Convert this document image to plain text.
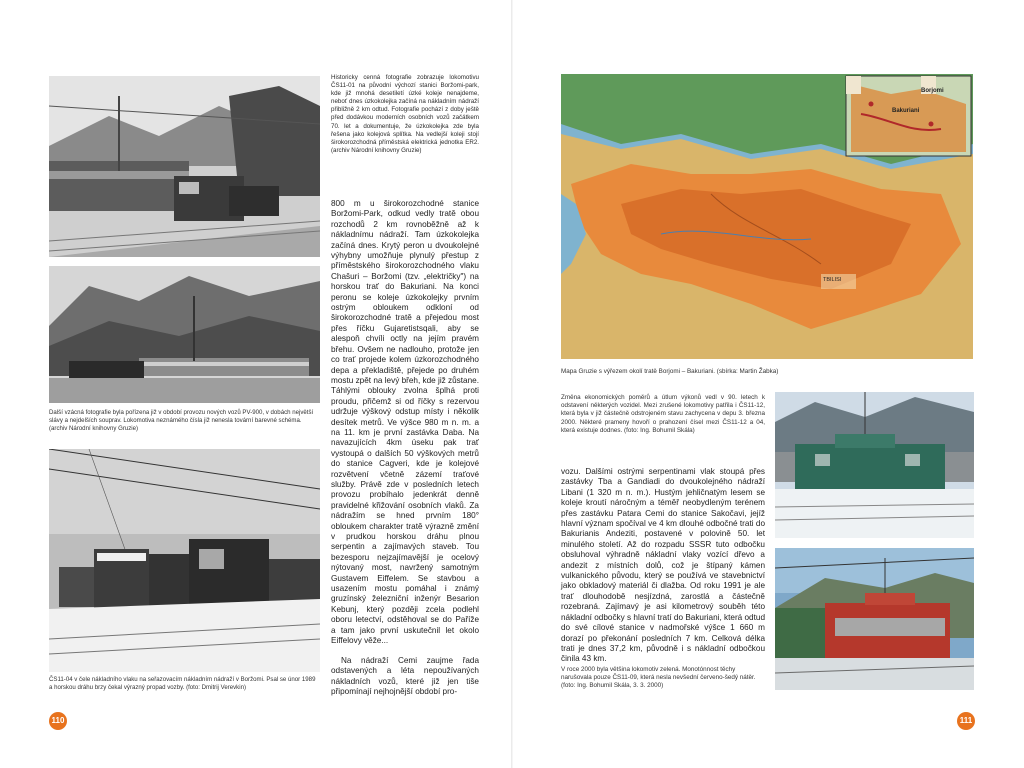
Historicky cenná fotografie zobrazuje lokomotivu ČS11-01 na původní výchozí stanici Boržomi-park, kde již mnohá desetiletí úzké koleje nenajdeme, neboť dnes úzkokolejka začíná na nákladním nádraží přibližně 2 km odtud. Fotografie pochází z doby ještě před dodávkou moderních osobních vozů začátkem 70. let a dokumentuje, že úzkokolejka zde byla řešena jako kolejová splítka. Na vedlejší koleji stojí širokorozchodná příměstská elektrická jednotka ER2. (archiv Národní knihovny Gruzie)
Další vzácná fotografie byla pořízena již v období provozu nových vozů PV-900, v dobách největší slávy a nejdelších souprav. Lokomotiva neznámého čísla již nenesla tovární barevné schéma. (archiv Národní knihovny Gruzie)
ČS11-04 v čele nákladního vlaku na seřazovacím nákladním nádraží v Boržomi. Psal se únor 1989 a horskou dráhu brzy čekal výrazný propad vozby. (foto: Dmitrij Verevkin)
800 m u širokorozchodné stanice Boržomi-Park, odkud vedly tratě obou rozchodů 2 km rovnoběžně až k nákladnímu nádraží. Tam úzkokolejka začíná dnes. Krytý peron u dvoukolejné výhybny umožňuje plynulý přestup z příměstského širokorozchodného vlaku Chašuri – Boržomi (tzv. „električky") na horskou trať do Bakuriani. Na konci peronu se koleje úzkokolejky prvním ostrým obloukem odkloní od širokorozchodné tratě a přejedou most přes říčku Gujaretistsqali, aby se alespoň chvíli octly na jejím pravém břehu. Ovšem ne nadlouho, protože jen co trať projede kolem úzkorozchodného depa a překladiště, přejede po druhém mostu zpět na levý břeh, kde již zůstane. Táhlými oblouky zvolna šplhá proti proudu, přičemž si od říčky s rezervou udržuje výškový odstup místy i několik desítek metrů. Ve výšce 980 m n. m. a na 11. km je první zastávka Daba. Na navazujících 4km úseku pak trať vystoupá o dalších 50 výškových metrů do stanice Cagveri, kde je kolejové rozvětvení včetně zázemí traťové služby. Právě zde v posledních letech provozu probíhalo jedenkrát denně pravidelné křižování osobních vlaků. Za nádražím se hned prvním 180° obloukem charakter tratě výrazně změní v prudkou horskou dráhu plnou serpentin a zajímavých staveb. Tou bezesporu nejzajímavější je ocelový nýtovaný most, navržený samotným Gustavem Eiffelem. Se stavbou a usazením mostu pomáhal i známý gruzínský železniční inženýr Besarion Kebunj, který později zcela podlehl oboru letectví, odstěhoval se do Paříže a tam jako první uskutečnil let okolo Eiffelovy věže...
Na nádraží Cemi zaujme řada odstavených a léta nepoužívaných nákladních vozů, které již jen tiše připomínají nejhojnější období pro-
110
Bakuriani
Borjomi
TBILISI
Mapa Gruzie s výřezem okolí tratě Borjomi – Bakuriani. (sbírka: Martin Žabka)
Změna ekonomických poměrů a útlum výkonů vedl v 90. letech k odstavení některých vozidel. Mezi zrušené lokomotivy patřila i ČS11-12, která byla v již částečně odstrojeném stavu zachycena v depu 3. března 2000. Některé prameny hovoří o prahození čísel mezi ČS11-12 a 04, která existuje dodnes. (foto: Ing. Bohumil Skála)
vozu. Dalšími ostrými serpentinami vlak stoupá přes zastávky Tba a Gandiadi do dvoukolejného nádraží Libani (1 320 m n. m.). Hustým jehličnatým lesem se koleje kroutí náročným a téměř neobydleným terénem přes zastávku Patara Cemi do stanice Sakočavi, jejíž hlavní význam spočíval ve 4 km dlouhé odbočné trati do Bakurianis Andeziti, postavené v polovině 50. let minulého století. Až do rozpadu SSSR tuto odbočku obsluhoval výhradně nákladní vlaky vozící dřevo a andezit z místních dolů, což je štípaný kámen vulkanického původu, který se používá ve stavebnictví jako obkladový materiál či dlažba. Od roku 1991 je ale trať dlouhodobě nesjízdná, zarostlá a částečně rozebraná. Zajímavý je asi kilometrový souběh této nákladní odbočky s hlavní tratí do Bakuriani, která odtud do své cílové stanice v nadmořské výšce 1 660 m dorazí po překonání posledních 7 km. Celková délka trati je dnes 37,2 km, původně i s nákladní odbočkou činila 43 km.
V roce 2000 byla většina lokomotiv zelená. Monotónnost těchy narušovala pouze ČS11-09, která nesla nevšední červeno-šedý nátěr. (foto: Ing. Bohumil Skála, 3. 3. 2000)
111
